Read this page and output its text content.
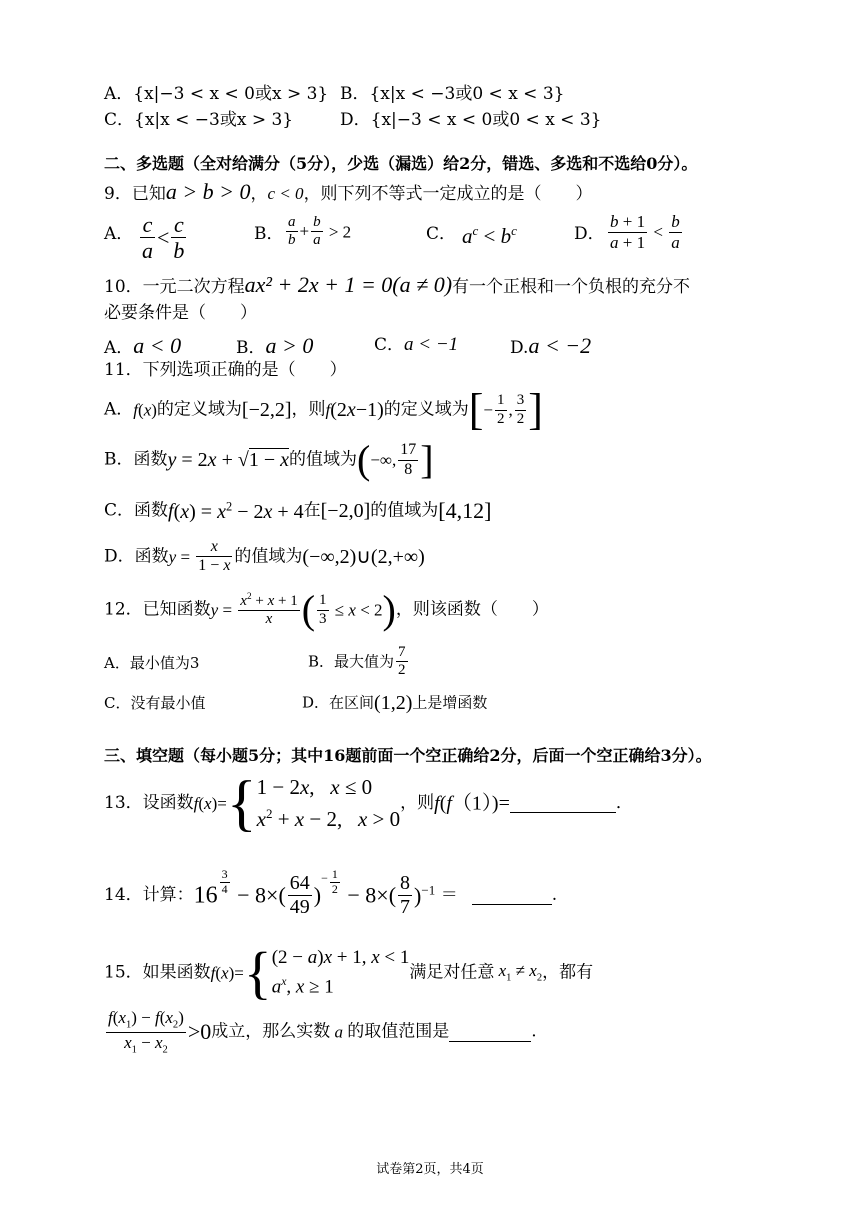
A．{x|−3 < x < 0或x > 3} B．{x|x < −3或0 < x < 3}
C．{x|x < −3或x > 3}	D．{x|−3 < x < 0或0 < x < 3}
二、多选题（全对给满分（5分），少选（漏选）给2分，错选、多选和不选给0分）。
9．已知a > b > 0，c < 0，则下列不等式一定成立的是（　　）
A． $\frac{c}{a} < \frac{c}{b}$	B． $\frac{a}{b} + \frac{b}{a} > 2$	C． $a^c < b^c$	D． $\frac{b + 1}{a + 1} < \frac{b}{a}$
10．一元二次方程ax² + 2x + 1 = 0(a ≠ 0)有一个正根和一个负根的充分不
必要条件是（　　）
A．a < 0	B．a > 0	C．a < −1	D.a < −2
11．下列选项正确的是（　　）
A．f(x)的定义域为[−2,2]，则f(2x−1)的定义域为[− $\frac{1}{2}$ , $\frac{3}{2}$ ]
B．函数y = 2x + √1 − x的值域为(−∞, $\frac{17}{8}$ ]
C．函数$f(x) = x^2 - 2x + 4$在[−2,0]的值域为[4,12]
D．函数$y = \frac{x}{1 - x}$ 的值域为(−∞,2)∪(2,+∞)
12．已知函数$y = \frac{x^2 + x + 1}{x}$ ( $\frac{1}{3} \le x < 2$)，则该函数（　　）
A．最小值为3	B．最大值为 $\frac{7}{2}$
C．没有最小值	D．在区间(1,2)上是增函数
三、填空题（每小题5分；其中16题前面一个空正确给2分，后面一个空正确给3分）。
13．设函数f(x)={ 1 − 2x,   x ≤ 0
$x^2 + x - 2$,   x > 0
，则f(f（1）)=	．
14．计算：$16 \frac{3}{4} - 8\times( \frac{64}{49} )^- \frac{1}{2} - 8\times( \frac{8}{7} )^{-1}$ ＝	.
15．如果函数f(x)={ (2 − a)x + 1, x < 1
$a^x$, x ≥ 1
满足对任意 $x_1 \ne x_2$，都有
$\frac{f(x_1) - f(x_2)}{x_1 - x_2} >0$成立，那么实数 a 的取值范围是	.
试卷第2页，共4页
